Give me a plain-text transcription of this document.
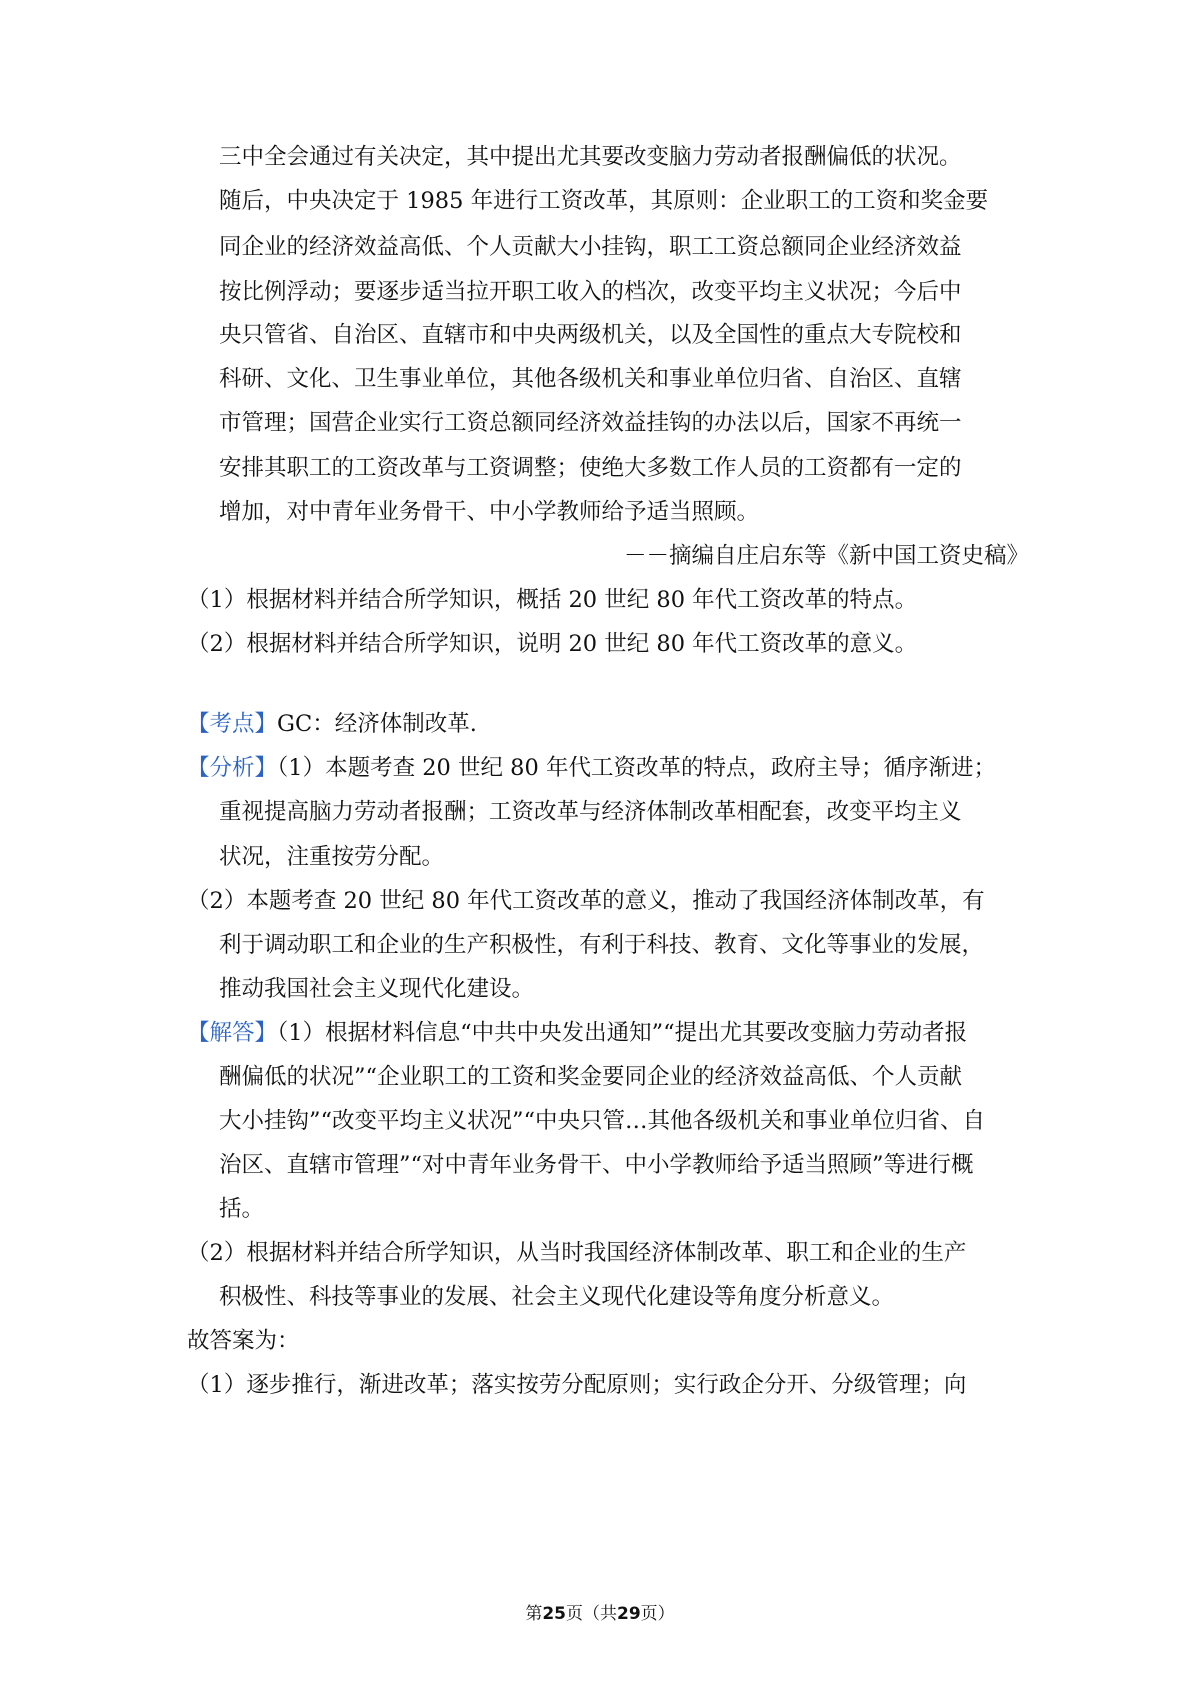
三中全会通过有关决定，其中提出尤其要改变脑力劳动者报酬偏低的状况。
随后，中央决定于 1985 年进行工资改革，其原则：企业职工的工资和奖金要
同企业的经济效益高低、个人贡献大小挂钩，职工工资总额同企业经济效益
按比例浮动；要逐步适当拉开职工收入的档次，改变平均主义状况；今后中
央只管省、自治区、直辖市和中央两级机关，以及全国性的重点大专院校和
科研、文化、卫生事业单位，其他各级机关和事业单位归省、自治区、直辖
市管理；国营企业实行工资总额同经济效益挂钩的办法以后，国家不再统一
安排其职工的工资改革与工资调整；使绝大多数工作人员的工资都有一定的
增加，对中青年业务骨干、中小学教师给予适当照顾。
－－摘编自庄启东等《新中国工资史稿》
（1）根据材料并结合所学知识，概括 20 世纪 80 年代工资改革的特点。
（2）根据材料并结合所学知识，说明 20 世纪 80 年代工资改革的意义。
【考点】GC：经济体制改革.
【分析】（1）本题考查 20 世纪 80 年代工资改革的特点，政府主导；循序渐进；
重视提高脑力劳动者报酬；工资改革与经济体制改革相配套，改变平均主义
状况，注重按劳分配。
（2）本题考查 20 世纪 80 年代工资改革的意义，推动了我国经济体制改革，有
利于调动职工和企业的生产积极性，有利于科技、教育、文化等事业的发展，
推动我国社会主义现代化建设。
【解答】（1）根据材料信息“中共中央发出通知”“提出尤其要改变脑力劳动者报
酬偏低的状况”“企业职工的工资和奖金要同企业的经济效益高低、个人贡献
大小挂钩”“改变平均主义状况”“中央只管…其他各级机关和事业单位归省、自
治区、直辖市管理”“对中青年业务骨干、中小学教师给予适当照顾”等进行概
括。
（2）根据材料并结合所学知识，从当时我国经济体制改革、职工和企业的生产
积极性、科技等事业的发展、社会主义现代化建设等角度分析意义。
故答案为：
（1）逐步推行，渐进改革；落实按劳分配原则；实行政企分开、分级管理；向
第25页（共29页）
